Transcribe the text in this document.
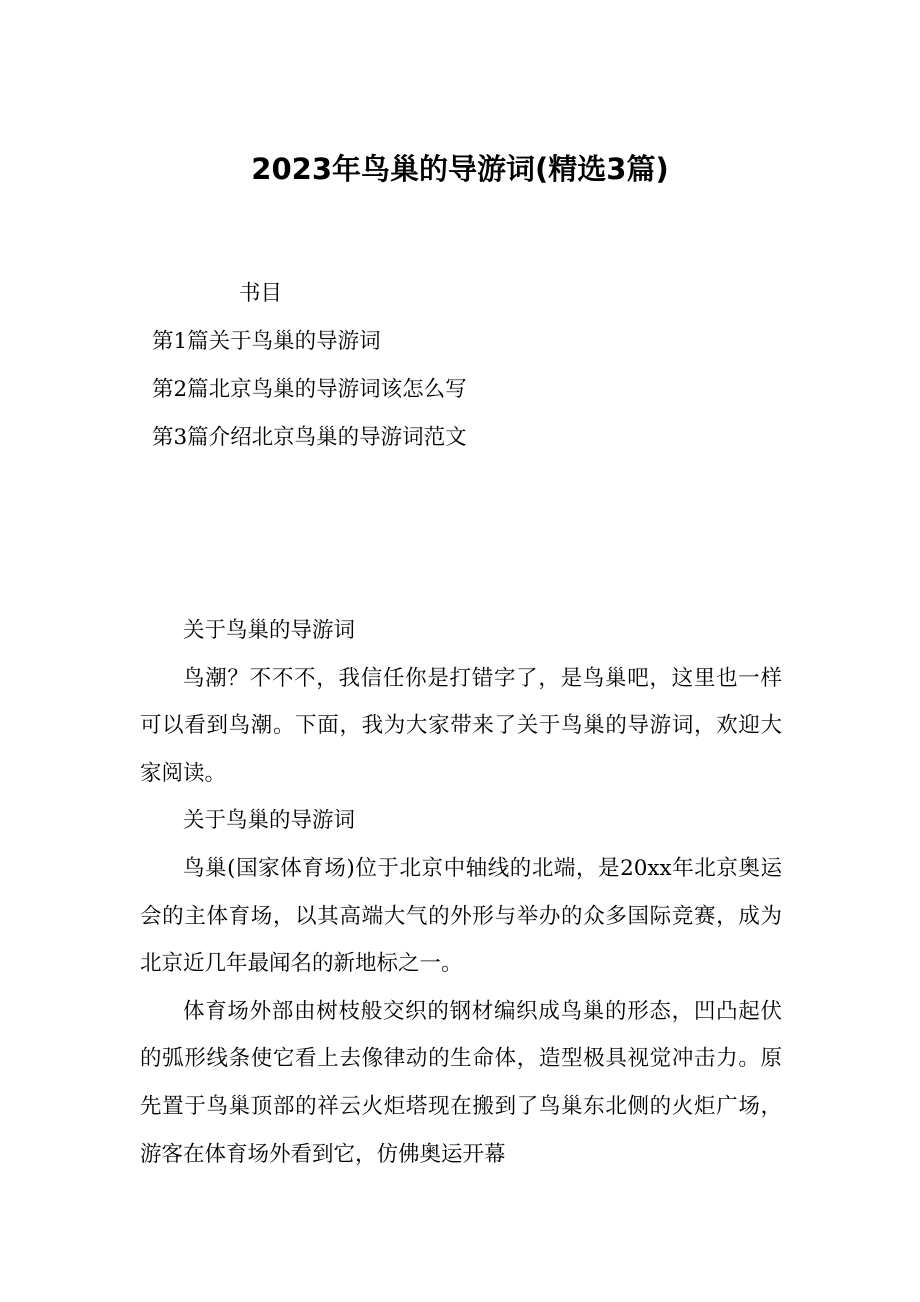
2023年鸟巢的导游词(精选3篇)
书目
第1篇关于鸟巢的导游词
第2篇北京鸟巢的导游词该怎么写
第3篇介绍北京鸟巢的导游词范文

关于鸟巢的导游词

鸟潮？不不不，我信任你是打错字了，是鸟巢吧，这里也一样可以看到鸟潮。下面，我为大家带来了关于鸟巢的导游词，欢迎大家阅读。

关于鸟巢的导游词

鸟巢(国家体育场)位于北京中轴线的北端，是20xx年北京奥运会的主体育场，以其高端大气的外形与举办的众多国际竞赛，成为北京近几年最闻名的新地标之一。

体育场外部由树枝般交织的钢材编织成鸟巢的形态，凹凸起伏的弧形线条使它看上去像律动的生命体，造型极具视觉冲击力。原先置于鸟巢顶部的祥云火炬塔现在搬到了鸟巢东北侧的火炬广场，游客在体育场外看到它，仿佛奥运开幕
